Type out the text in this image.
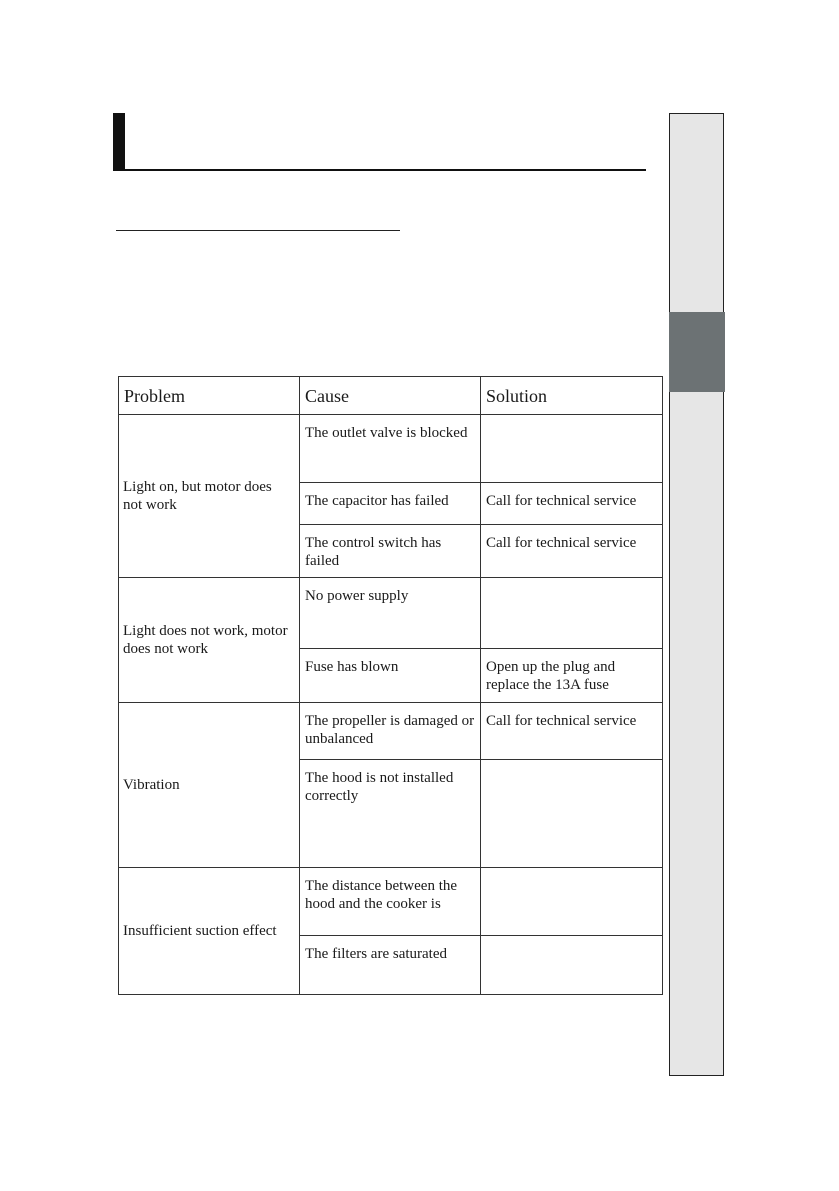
Problem	Cause	Solution
Light on, but motor does not work	The outlet valve is blocked	
	The capacitor has failed	Call for technical service
	The control switch has failed	Call for technical service
Light does not work, motor does not work	No power supply	
	Fuse has blown	Open up the plug and replace the 13A fuse
Vibration	The propeller is damaged or unbalanced	Call for technical service
	The hood is not installed correctly	
Insufficient suction effect	The distance between the hood and the cooker is	
	The filters are saturated	
